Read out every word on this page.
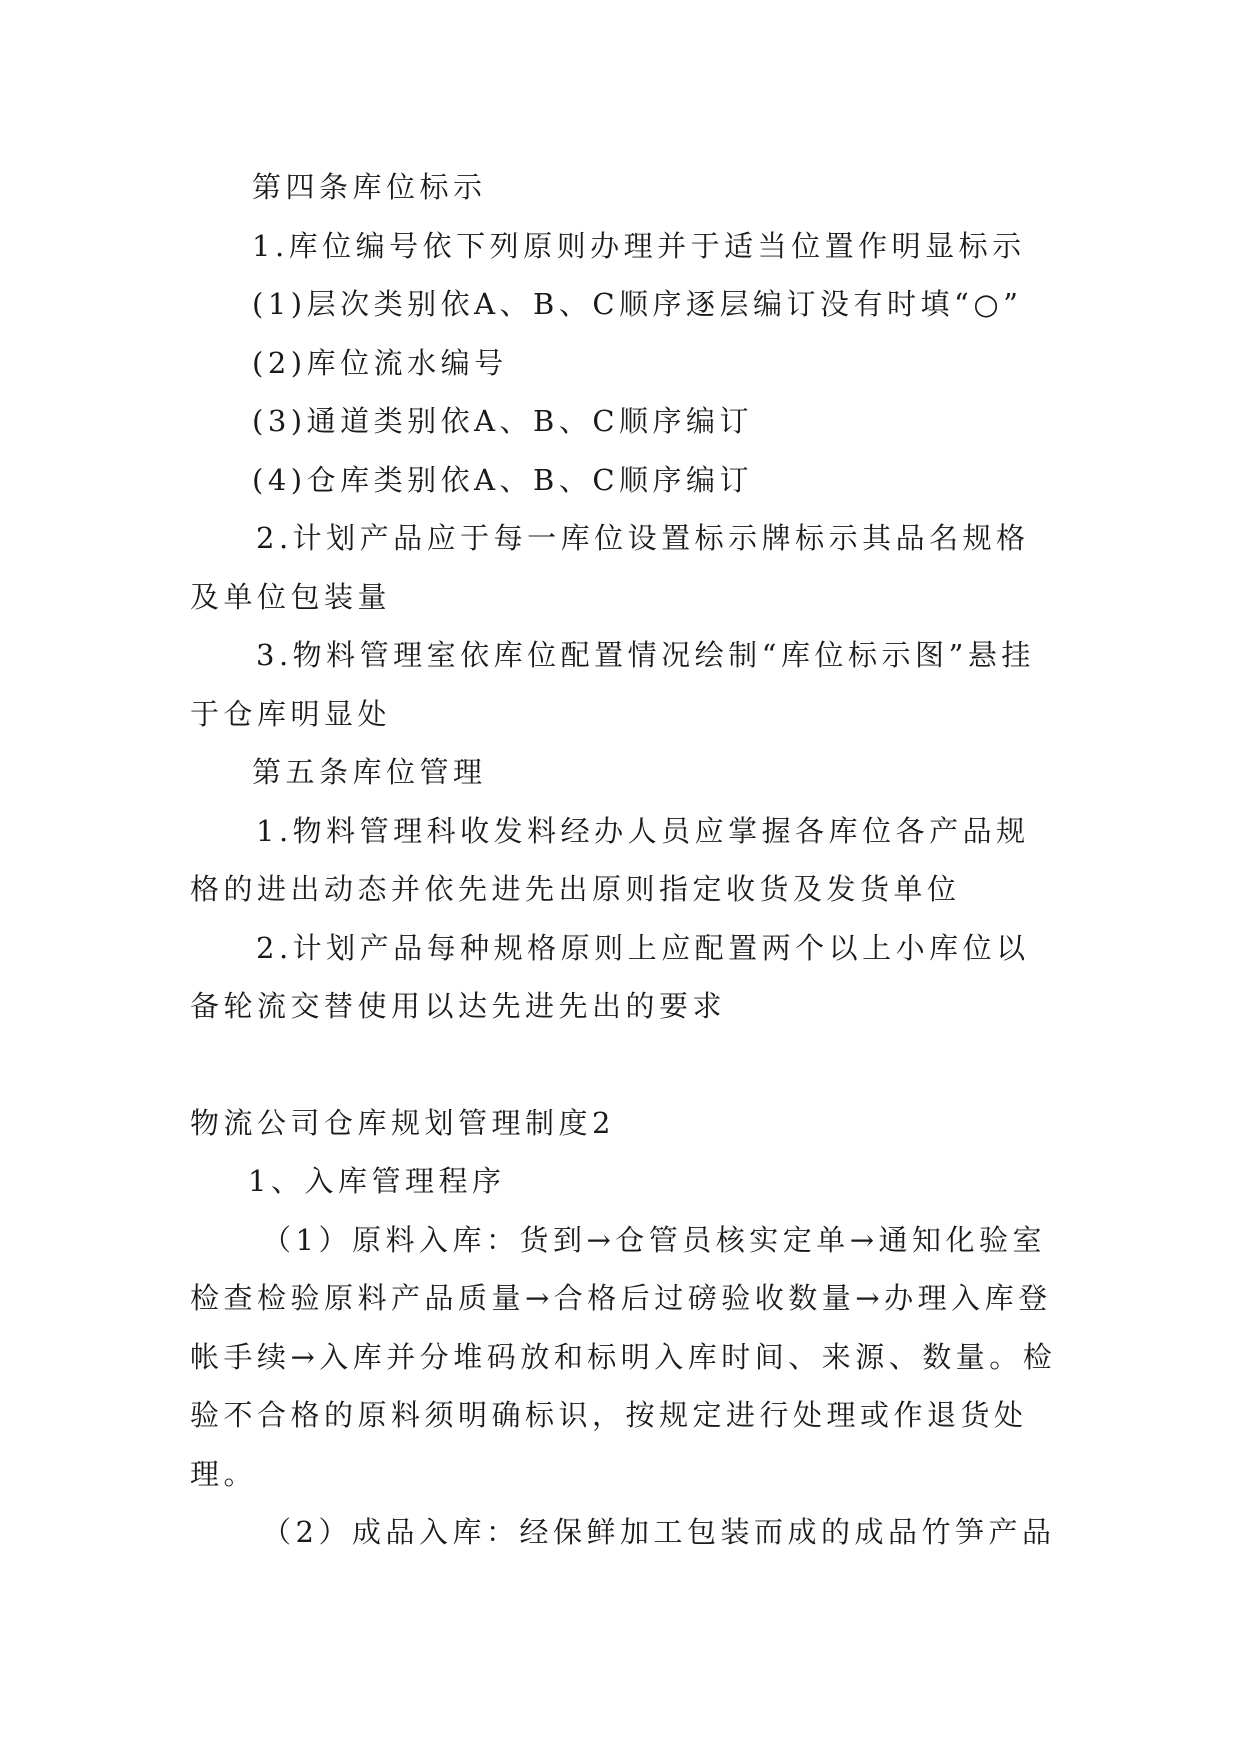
第四条库位标示

1.库位编号依下列原则办理并于适当位置作明显标示

(1)层次类别依A、B、C顺序逐层编订没有时填“○”

(2)库位流水编号

(3)通道类别依A、B、C顺序编订

(4)仓库类别依A、B、C顺序编订

2.计划产品应于每一库位设置标示牌标示其品名规格及单位包装量

3.物料管理室依库位配置情况绘制“库位标示图”悬挂于仓库明显处

第五条库位管理

1.物料管理科收发料经办人员应掌握各库位各产品规格的进出动态并依先进先出原则指定收货及发货单位

2.计划产品每种规格原则上应配置两个以上小库位以备轮流交替使用以达先进先出的要求

物流公司仓库规划管理制度2

1、入库管理程序

（1）原料入库：货到→仓管员核实定单→通知化验室检查检验原料产品质量→合格后过磅验收数量→办理入库登帐手续→入库并分堆码放和标明入库时间、来源、数量。检验不合格的原料须明确标识，按规定进行处理或作退货处理。

（2）成品入库：经保鲜加工包装而成的成品竹笋产品
